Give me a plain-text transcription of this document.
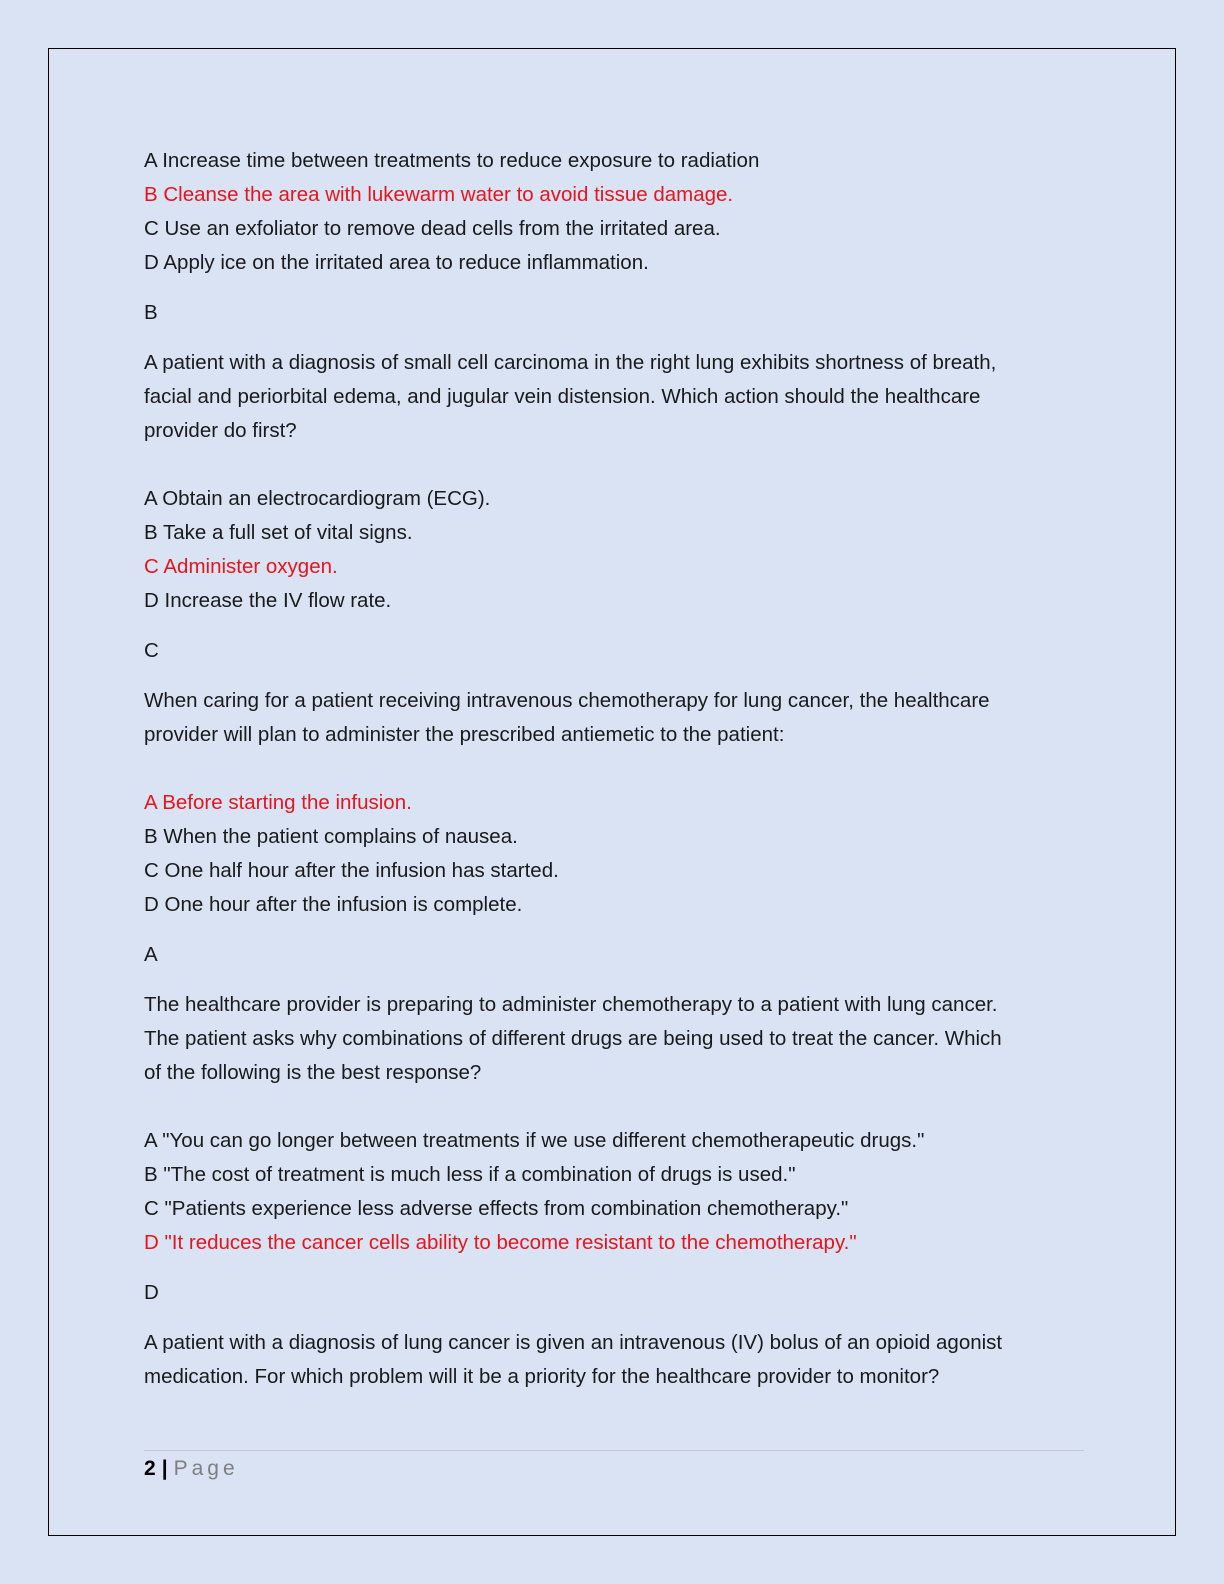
A Increase time between treatments to reduce exposure to radiation
B Cleanse the area with lukewarm water to avoid tissue damage.
C Use an exfoliator to remove dead cells from the irritated area.
D Apply ice on the irritated area to reduce inflammation.
B
A patient with a diagnosis of small cell carcinoma in the right lung exhibits shortness of breath,
facial and periorbital edema, and jugular vein distension. Which action should the healthcare
provider do first?
A Obtain an electrocardiogram (ECG).
B Take a full set of vital signs.
C Administer oxygen.
D Increase the IV flow rate.
C
When caring for a patient receiving intravenous chemotherapy for lung cancer, the healthcare
provider will plan to administer the prescribed antiemetic to the patient:
A Before starting the infusion.
B When the patient complains of nausea.
C One half hour after the infusion has started.
D One hour after the infusion is complete.
A
The healthcare provider is preparing to administer chemotherapy to a patient with lung cancer.
The patient asks why combinations of different drugs are being used to treat the cancer. Which
of the following is the best response?
A "You can go longer between treatments if we use different chemotherapeutic drugs."
B "The cost of treatment is much less if a combination of drugs is used."
C "Patients experience less adverse effects from combination chemotherapy."
D "It reduces the cancer cells ability to become resistant to the chemotherapy."
D
A patient with a diagnosis of lung cancer is given an intravenous (IV) bolus of an opioid agonist
medication. For which problem will it be a priority for the healthcare provider to monitor?
2 | Page
